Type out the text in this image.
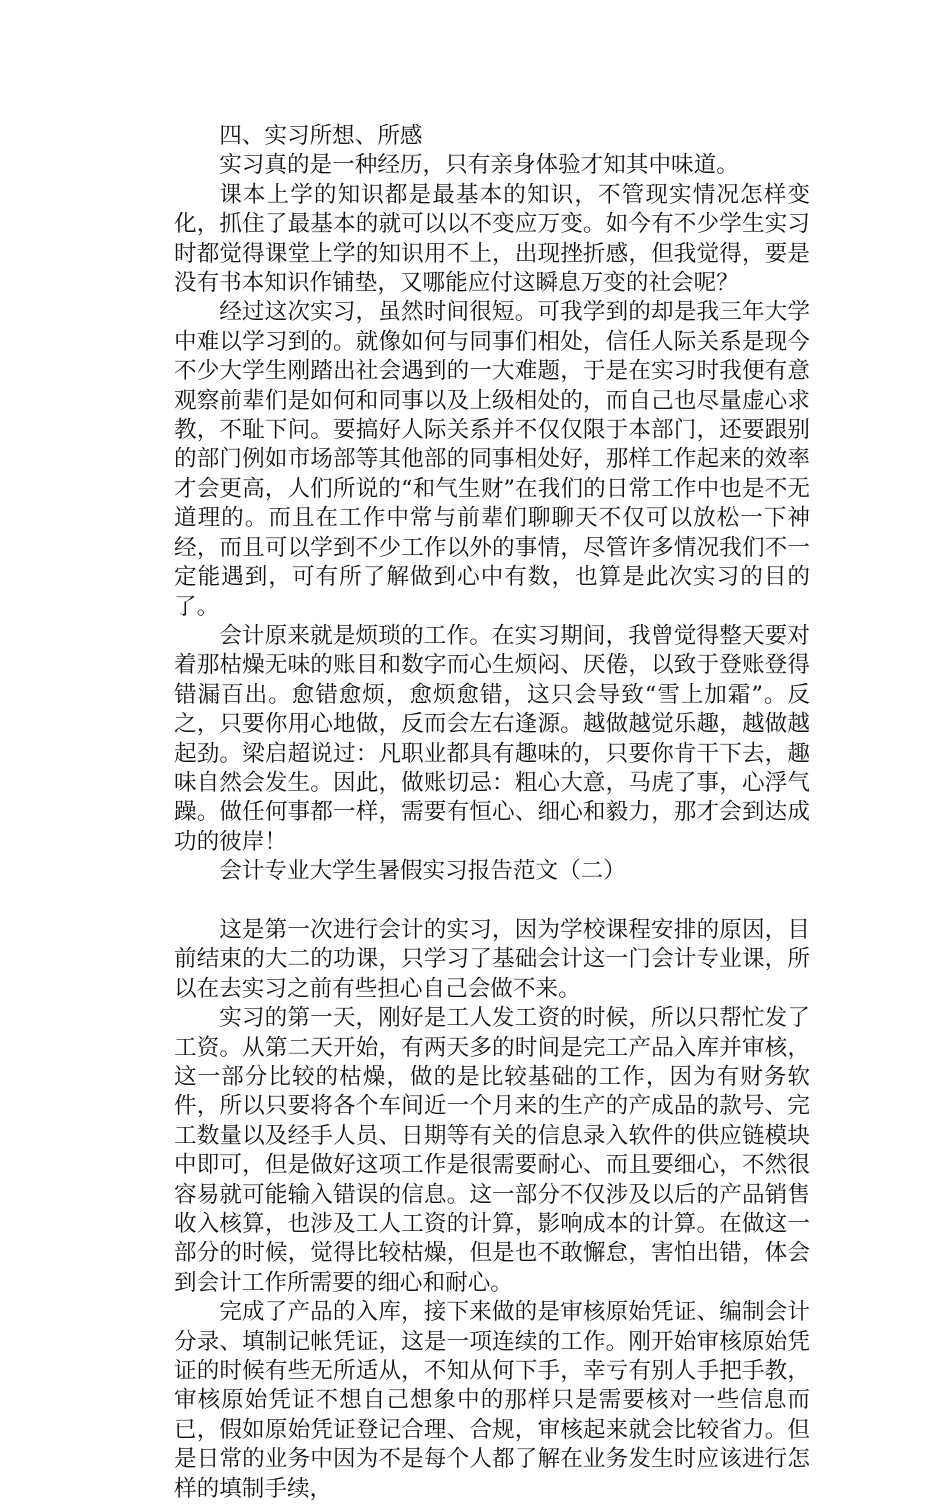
四、实习所想、所感

实习真的是一种经历，只有亲身体验才知其中味道。

课本上学的知识都是最基本的知识，不管现实情况怎样变化，抓住了最基本的就可以以不变应万变。如今有不少学生实习时都觉得课堂上学的知识用不上，出现挫折感，但我觉得，要是没有书本知识作铺垫，又哪能应付这瞬息万变的社会呢？

经过这次实习，虽然时间很短。可我学到的却是我三年大学中难以学习到的。就像如何与同事们相处，信任人际关系是现今不少大学生刚踏出社会遇到的一大难题，于是在实习时我便有意观察前辈们是如何和同事以及上级相处的，而自己也尽量虚心求教，不耻下问。要搞好人际关系并不仅仅限于本部门，还要跟别的部门例如市场部等其他部的同事相处好，那样工作起来的效率才会更高，人们所说的“和气生财”在我们的日常工作中也是不无道理的。而且在工作中常与前辈们聊聊天不仅可以放松一下神经，而且可以学到不少工作以外的事情，尽管许多情况我们不一定能遇到，可有所了解做到心中有数，也算是此次实习的目的了。

会计原来就是烦琐的工作。在实习期间，我曾觉得整天要对着那枯燥无味的账目和数字而心生烦闷、厌倦，以致于登账登得错漏百出。愈错愈烦，愈烦愈错，这只会导致“雪上加霜”。反之，只要你用心地做，反而会左右逢源。越做越觉乐趣，越做越起劲。梁启超说过：凡职业都具有趣味的，只要你肯干下去，趣味自然会发生。因此，做账切忌：粗心大意，马虎了事，心浮气躁。做任何事都一样，需要有恒心、细心和毅力，那才会到达成功的彼岸！

会计专业大学生暑假实习报告范文（二）

这是第一次进行会计的实习，因为学校课程安排的原因，目前结束的大二的功课，只学习了基础会计这一门会计专业课，所以在去实习之前有些担心自己会做不来。

实习的第一天，刚好是工人发工资的时候，所以只帮忙发了工资。从第二天开始，有两天多的时间是完工产品入库并审核，这一部分比较的枯燥，做的是比较基础的工作，因为有财务软件，所以只要将各个车间近一个月来的生产的产成品的款号、完工数量以及经手人员、日期等有关的信息录入软件的供应链模块中即可，但是做好这项工作是很需要耐心、而且要细心，不然很容易就可能输入错误的信息。这一部分不仅涉及以后的产品销售收入核算，也涉及工人工资的计算，影响成本的计算。在做这一部分的时候，觉得比较枯燥，但是也不敢懈怠，害怕出错，体会到会计工作所需要的细心和耐心。

完成了产品的入库，接下来做的是审核原始凭证、编制会计分录、填制记帐凭证，这是一项连续的工作。刚开始审核原始凭证的时候有些无所适从，不知从何下手，幸亏有别人手把手教，审核原始凭证不想自己想象中的那样只是需要核对一些信息而已，假如原始凭证登记合理、合规，审核起来就会比较省力。但是日常的业务中因为不是每个人都了解在业务发生时应该进行怎样的填制手续，
